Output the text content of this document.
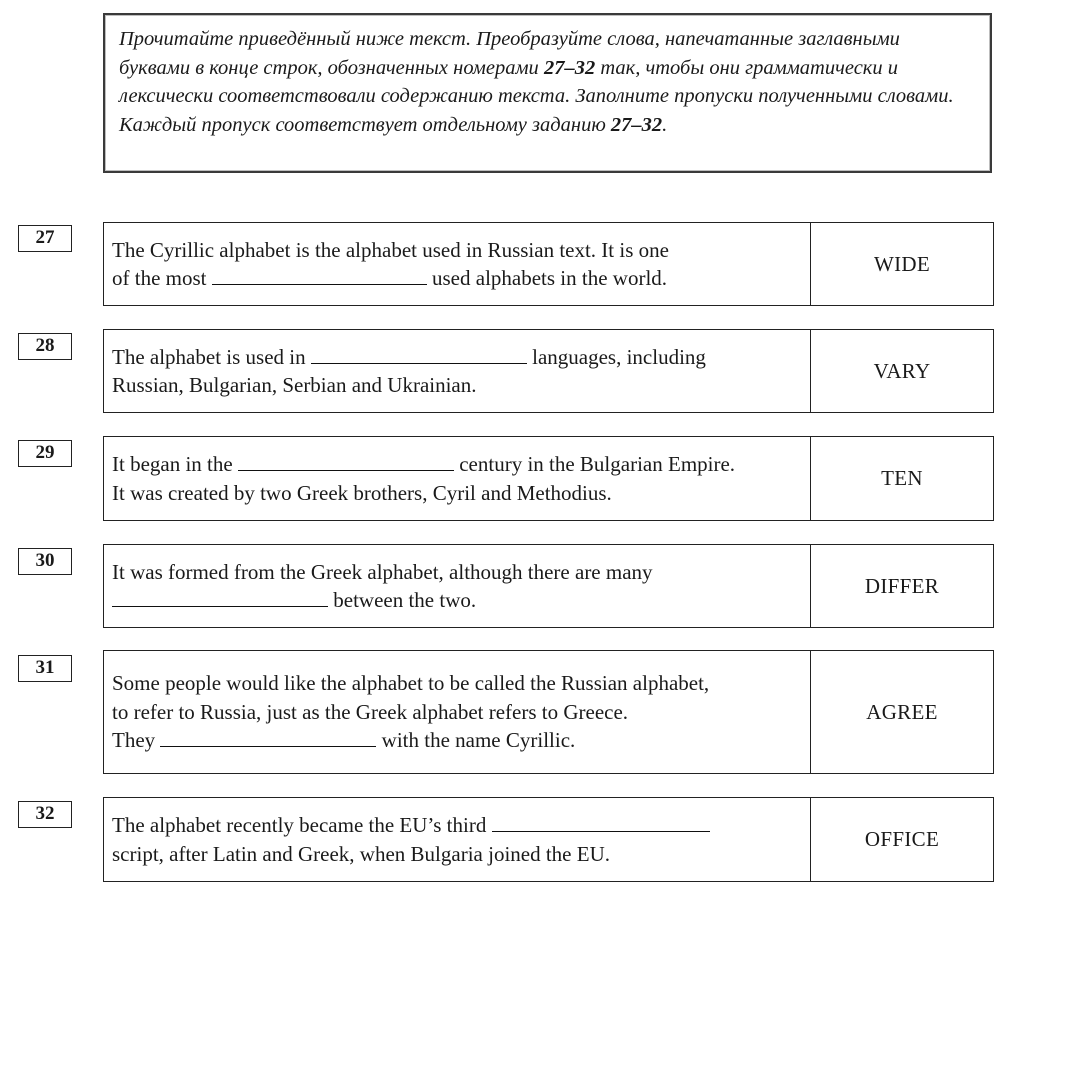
Прочитайте приведённый ниже текст. Преобразуйте слова, напечатанные заглавными буквами в конце строк, обозначенных номерами 27–32 так, чтобы они грамматически и лексически соответствовали содержанию текста. Заполните пропуски полученными словами. Каждый пропуск соответствует отдельному заданию 27–32.
27	The Cyrillic alphabet is the alphabet used in Russian text. It is one
of the most	used alphabets in the world.
WIDE
28	The alphabet is used in	languages, including
Russian, Bulgarian, Serbian and Ukrainian.
VARY
29	It began in the	century in the Bulgarian Empire.
It was created by two Greek brothers, Cyril and Methodius.
TEN
30	It was formed from the Greek alphabet, although there are many
between the two.
DIFFER
31
Some people would like the alphabet to be called the Russian alphabet,
to refer to Russia, just as the Greek alphabet refers to Greece.
They	with the name Cyrillic.
AGREE
32	The alphabet recently became the EU’s third
script, after Latin and Greek, when Bulgaria joined the EU.
OFFICE
